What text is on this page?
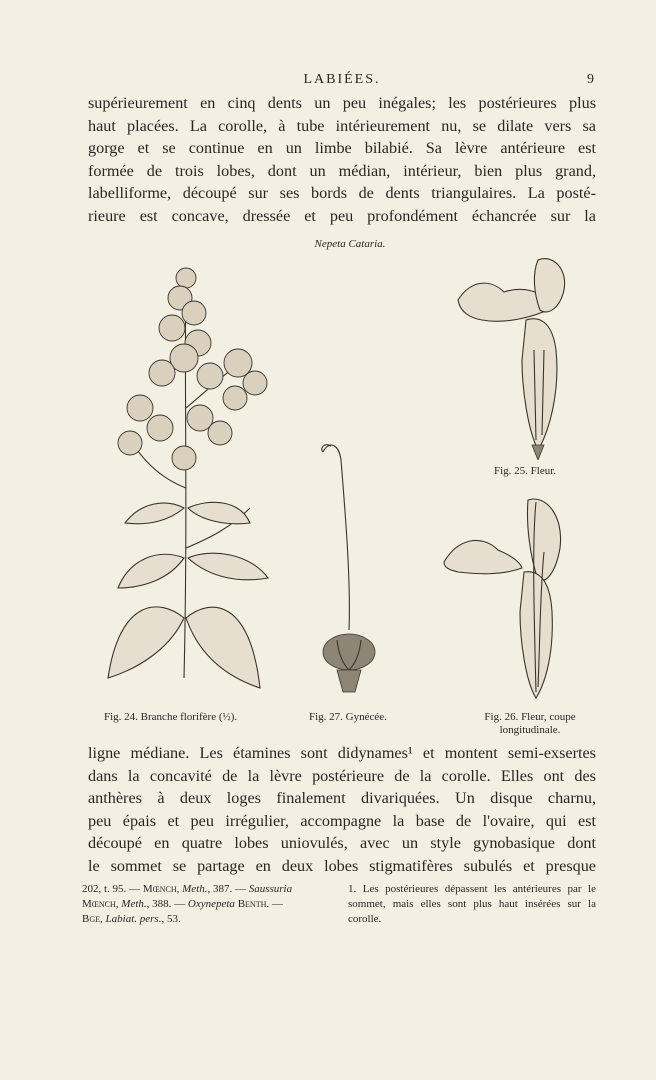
LABIÉES.	9

supérieurement en cinq dents un peu inégales; les postérieures plus

haut placées. La corolle, à tube intérieurement nu, se dilate vers sa

gorge et se continue en un limbe bilabié. Sa lèvre antérieure est

formée de trois lobes, dont un médian, intérieur, bien plus grand,

labelliforme, découpé sur ses bords de dents triangulaires. La posté-

rieure est concave, dressée et peu profondément échancrée sur la

Nepeta Cataria.
Fig. 25. Fleur.
Fig. 24. Branche florifère (½).	Fig. 27. Gynécée.	Fig. 26. Fleur, coupe
longitudinale.

ligne médiane. Les étamines sont didynames¹ et montent semi-exsertes

dans la concavité de la lèvre postérieure de la corolle. Elles ont des

anthères à deux loges finalement divariquées. Un disque charnu,

peu épais et peu irrégulier, accompagne la base de l'ovaire, qui est

découpé en quatre lobes uniovulés, avec un style gynobasique dont

le sommet se partage en deux lobes stigmatifères subulés et presque

202, t. 95. — Mœnch, Meth., 387. — Saussuria
Mœnch, Meth., 388. — Oxynepeta Benth. —
Bge, Labiat. pers., 53.
1. Les postérieures dépassent les antérieures par le sommet, mais elles sont plus haut insérées sur la corolle.
